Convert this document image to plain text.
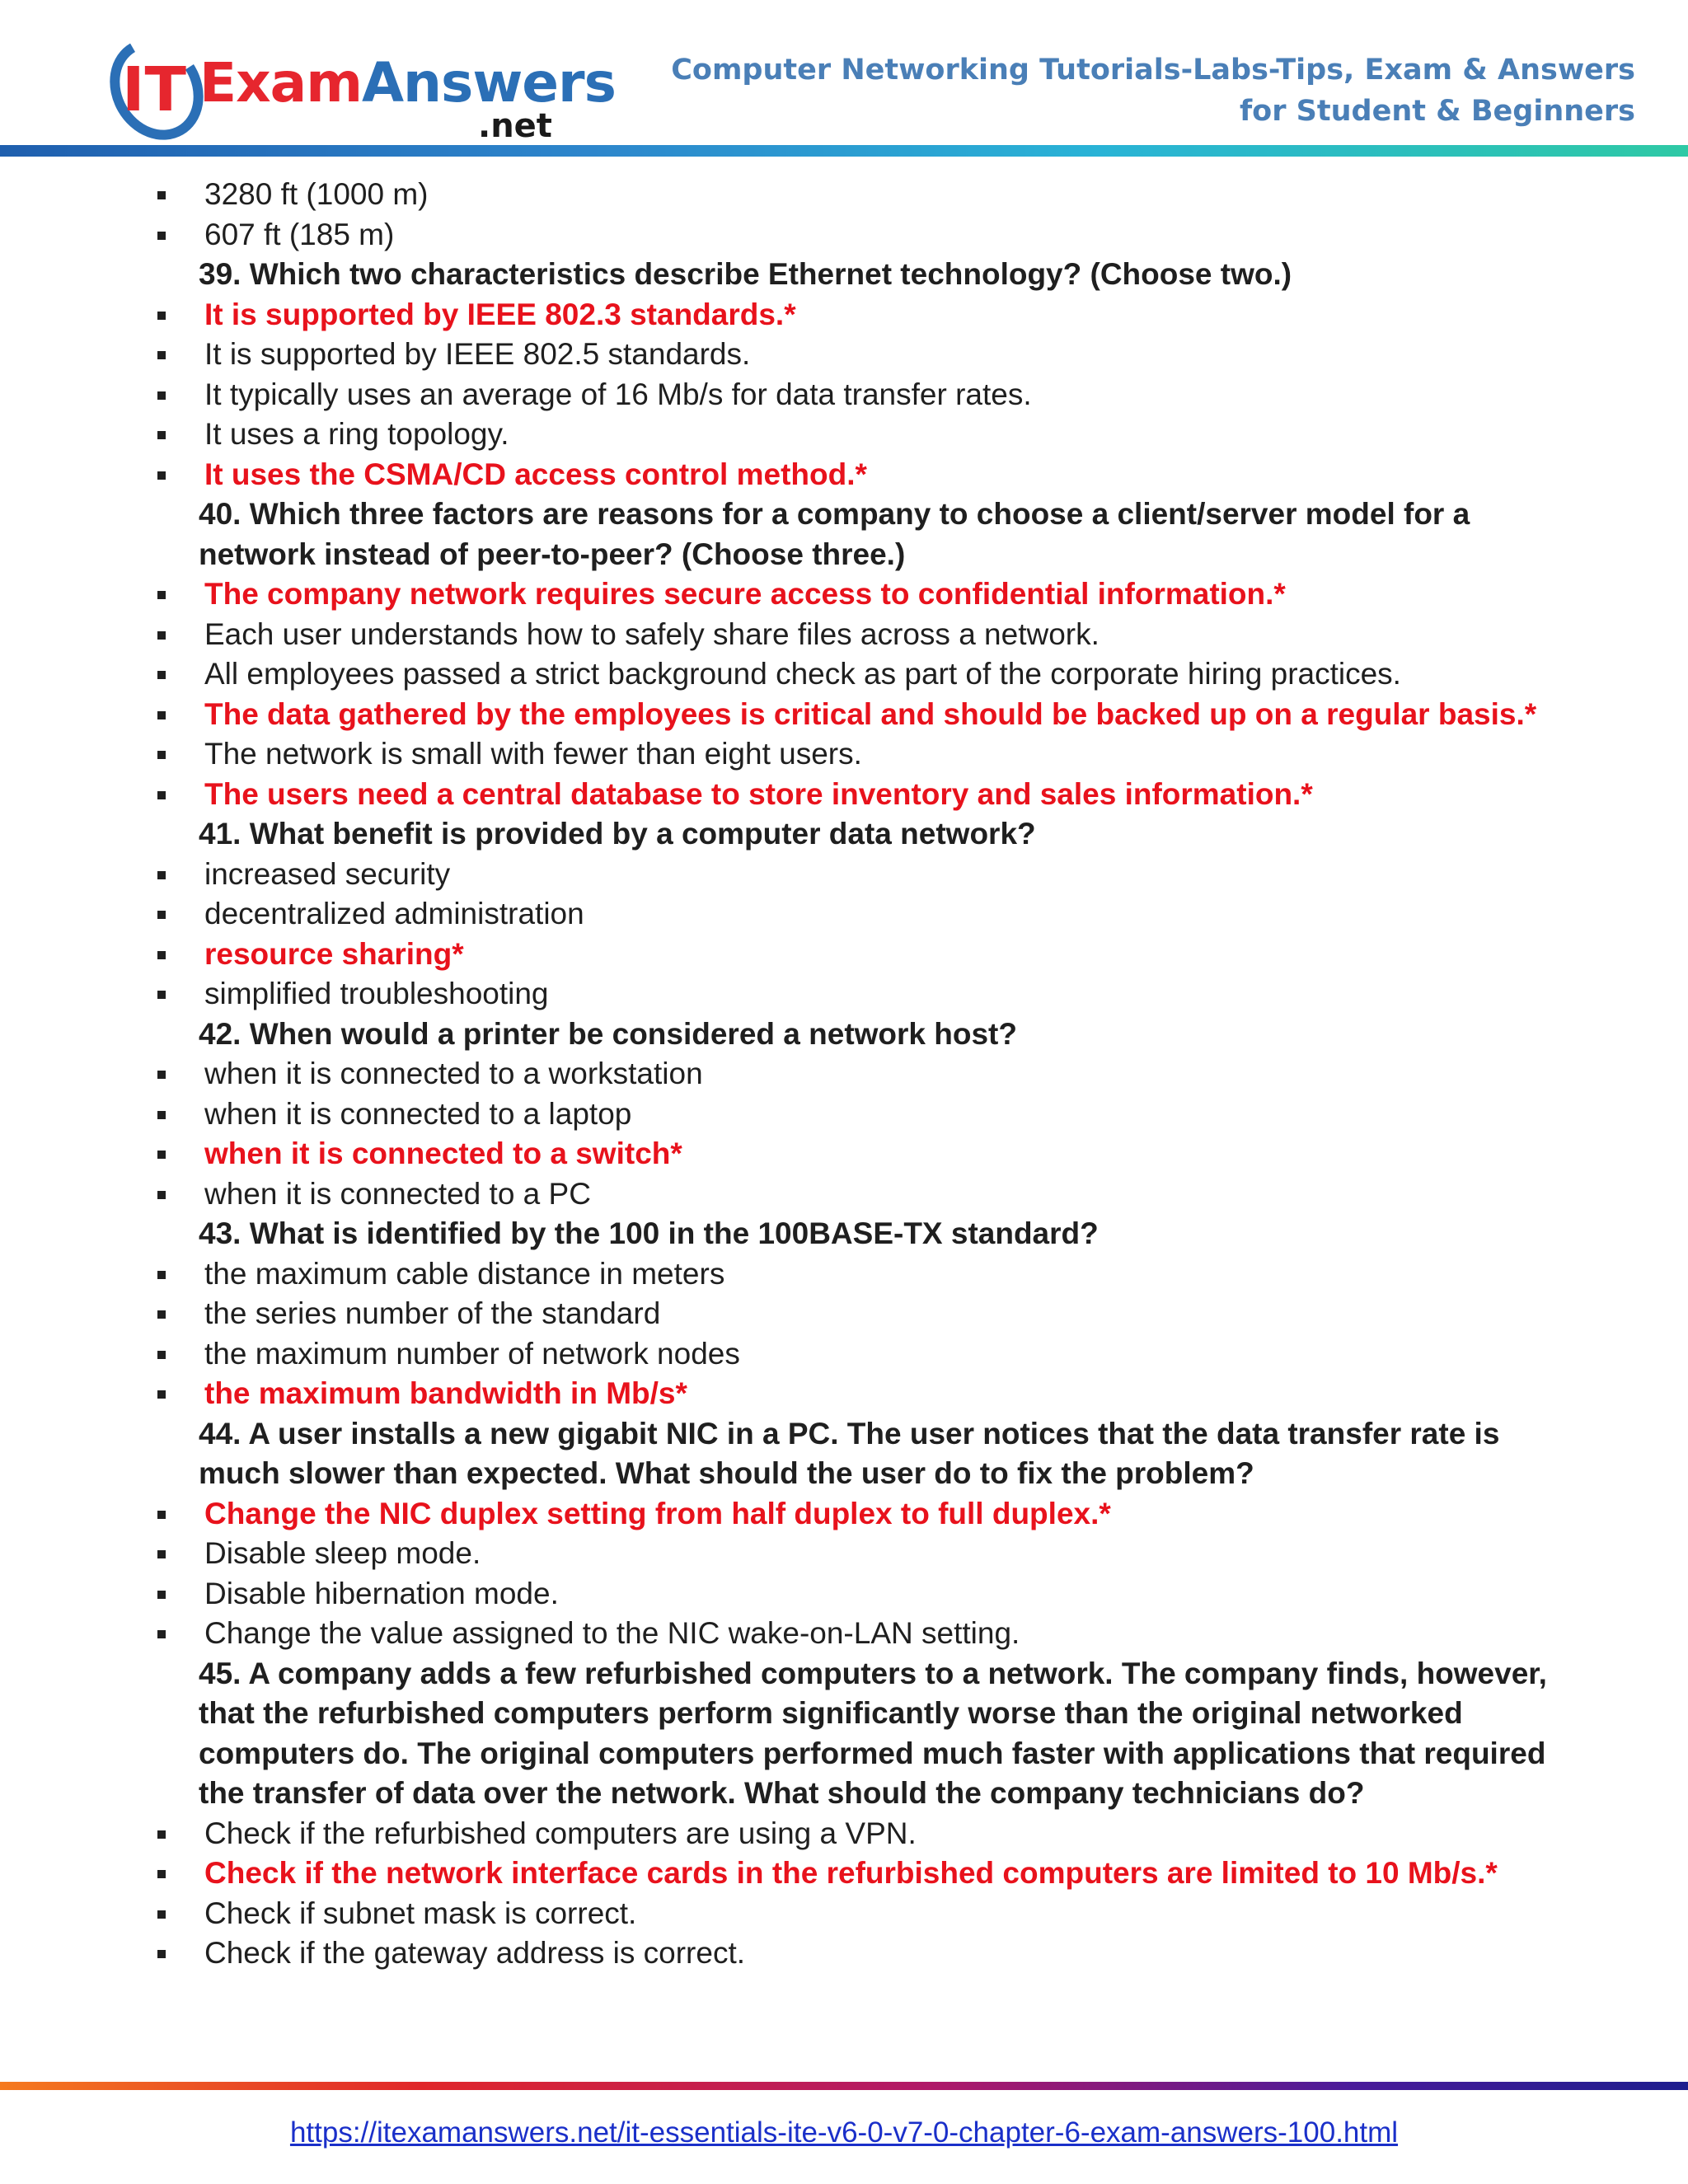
IT ExamAnswers
.net
Computer Networking Tutorials-Labs-Tips, Exam & Answers
for Student & Beginners
3280 ft (1000 m)
607 ft (185 m)
39. Which two characteristics describe Ethernet technology? (Choose two.)
It is supported by IEEE 802.3 standards.*
It is supported by IEEE 802.5 standards.
It typically uses an average of 16 Mb/s for data transfer rates.
It uses a ring topology.
It uses the CSMA/CD access control method.*
40. Which three factors are reasons for a company to choose a client/server model for a
network instead of peer-to-peer? (Choose three.)
The company network requires secure access to confidential information.*
Each user understands how to safely share files across a network.
All employees passed a strict background check as part of the corporate hiring practices.
The data gathered by the employees is critical and should be backed up on a regular basis.*
The network is small with fewer than eight users.
The users need a central database to store inventory and sales information.*
41. What benefit is provided by a computer data network?
increased security
decentralized administration
resource sharing*
simplified troubleshooting
42. When would a printer be considered a network host?
when it is connected to a workstation
when it is connected to a laptop
when it is connected to a switch*
when it is connected to a PC
43. What is identified by the 100 in the 100BASE-TX standard?
the maximum cable distance in meters
the series number of the standard
the maximum number of network nodes
the maximum bandwidth in Mb/s*
44. A user installs a new gigabit NIC in a PC. The user notices that the data transfer rate is
much slower than expected. What should the user do to fix the problem?
Change the NIC duplex setting from half duplex to full duplex.*
Disable sleep mode.
Disable hibernation mode.
Change the value assigned to the NIC wake-on-LAN setting.
45. A company adds a few refurbished computers to a network. The company finds, however,
that the refurbished computers perform significantly worse than the original networked
computers do. The original computers performed much faster with applications that required
the transfer of data over the network. What should the company technicians do?
Check if the refurbished computers are using a VPN.
Check if the network interface cards in the refurbished computers are limited to 10 Mb/s.*
Check if subnet mask is correct.
Check if the gateway address is correct.
https://itexamanswers.net/it-essentials-ite-v6-0-v7-0-chapter-6-exam-answers-100.html
